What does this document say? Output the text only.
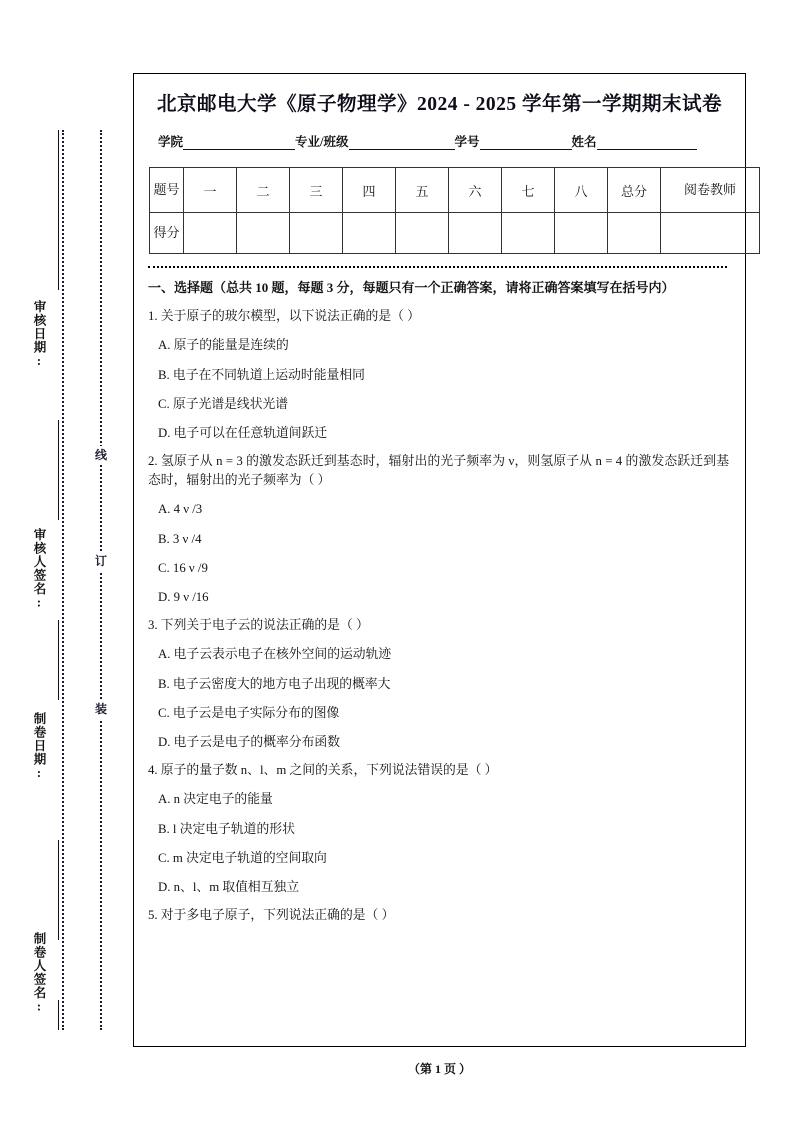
线
订
装
审核日期:
审核人签名:
制卷日期:
制卷人签名:
北京邮电大学《原子物理学》2024 - 2025 学年第一学期期末试卷
学院	专业/班级	学号	姓名
题号	一	二	三	四	五	六	七	八	总分	阅卷教师
得分										
一、选择题（总共 10 题，每题 3 分，每题只有一个正确答案，请将正确答案填写在括号内）
1. 关于原子的玻尔模型，以下说法正确的是（ ）
A. 原子的能量是连续的
B. 电子在不同轨道上运动时能量相同
C. 原子光谱是线状光谱
D. 电子可以在任意轨道间跃迁
2. 氢原子从 n = 3 的激发态跃迁到基态时，辐射出的光子频率为 ν，则氢原子从 n = 4 的激发态跃迁到基态时，辐射出的光子频率为（ ）
A. 4 ν /3
B. 3 ν /4
C. 16 ν /9
D. 9 ν /16
3. 下列关于电子云的说法正确的是（ ）
A. 电子云表示电子在核外空间的运动轨迹
B. 电子云密度大的地方电子出现的概率大
C. 电子云是电子实际分布的图像
D. 电子云是电子的概率分布函数
4. 原子的量子数 n、l、m 之间的关系，下列说法错误的是（ ）
A. n 决定电子的能量
B. l 决定电子轨道的形状
C. m 决定电子轨道的空间取向
D. n、l、m 取值相互独立
5. 对于多电子原子，下列说法正确的是（ ）
（第 1 页 ）
